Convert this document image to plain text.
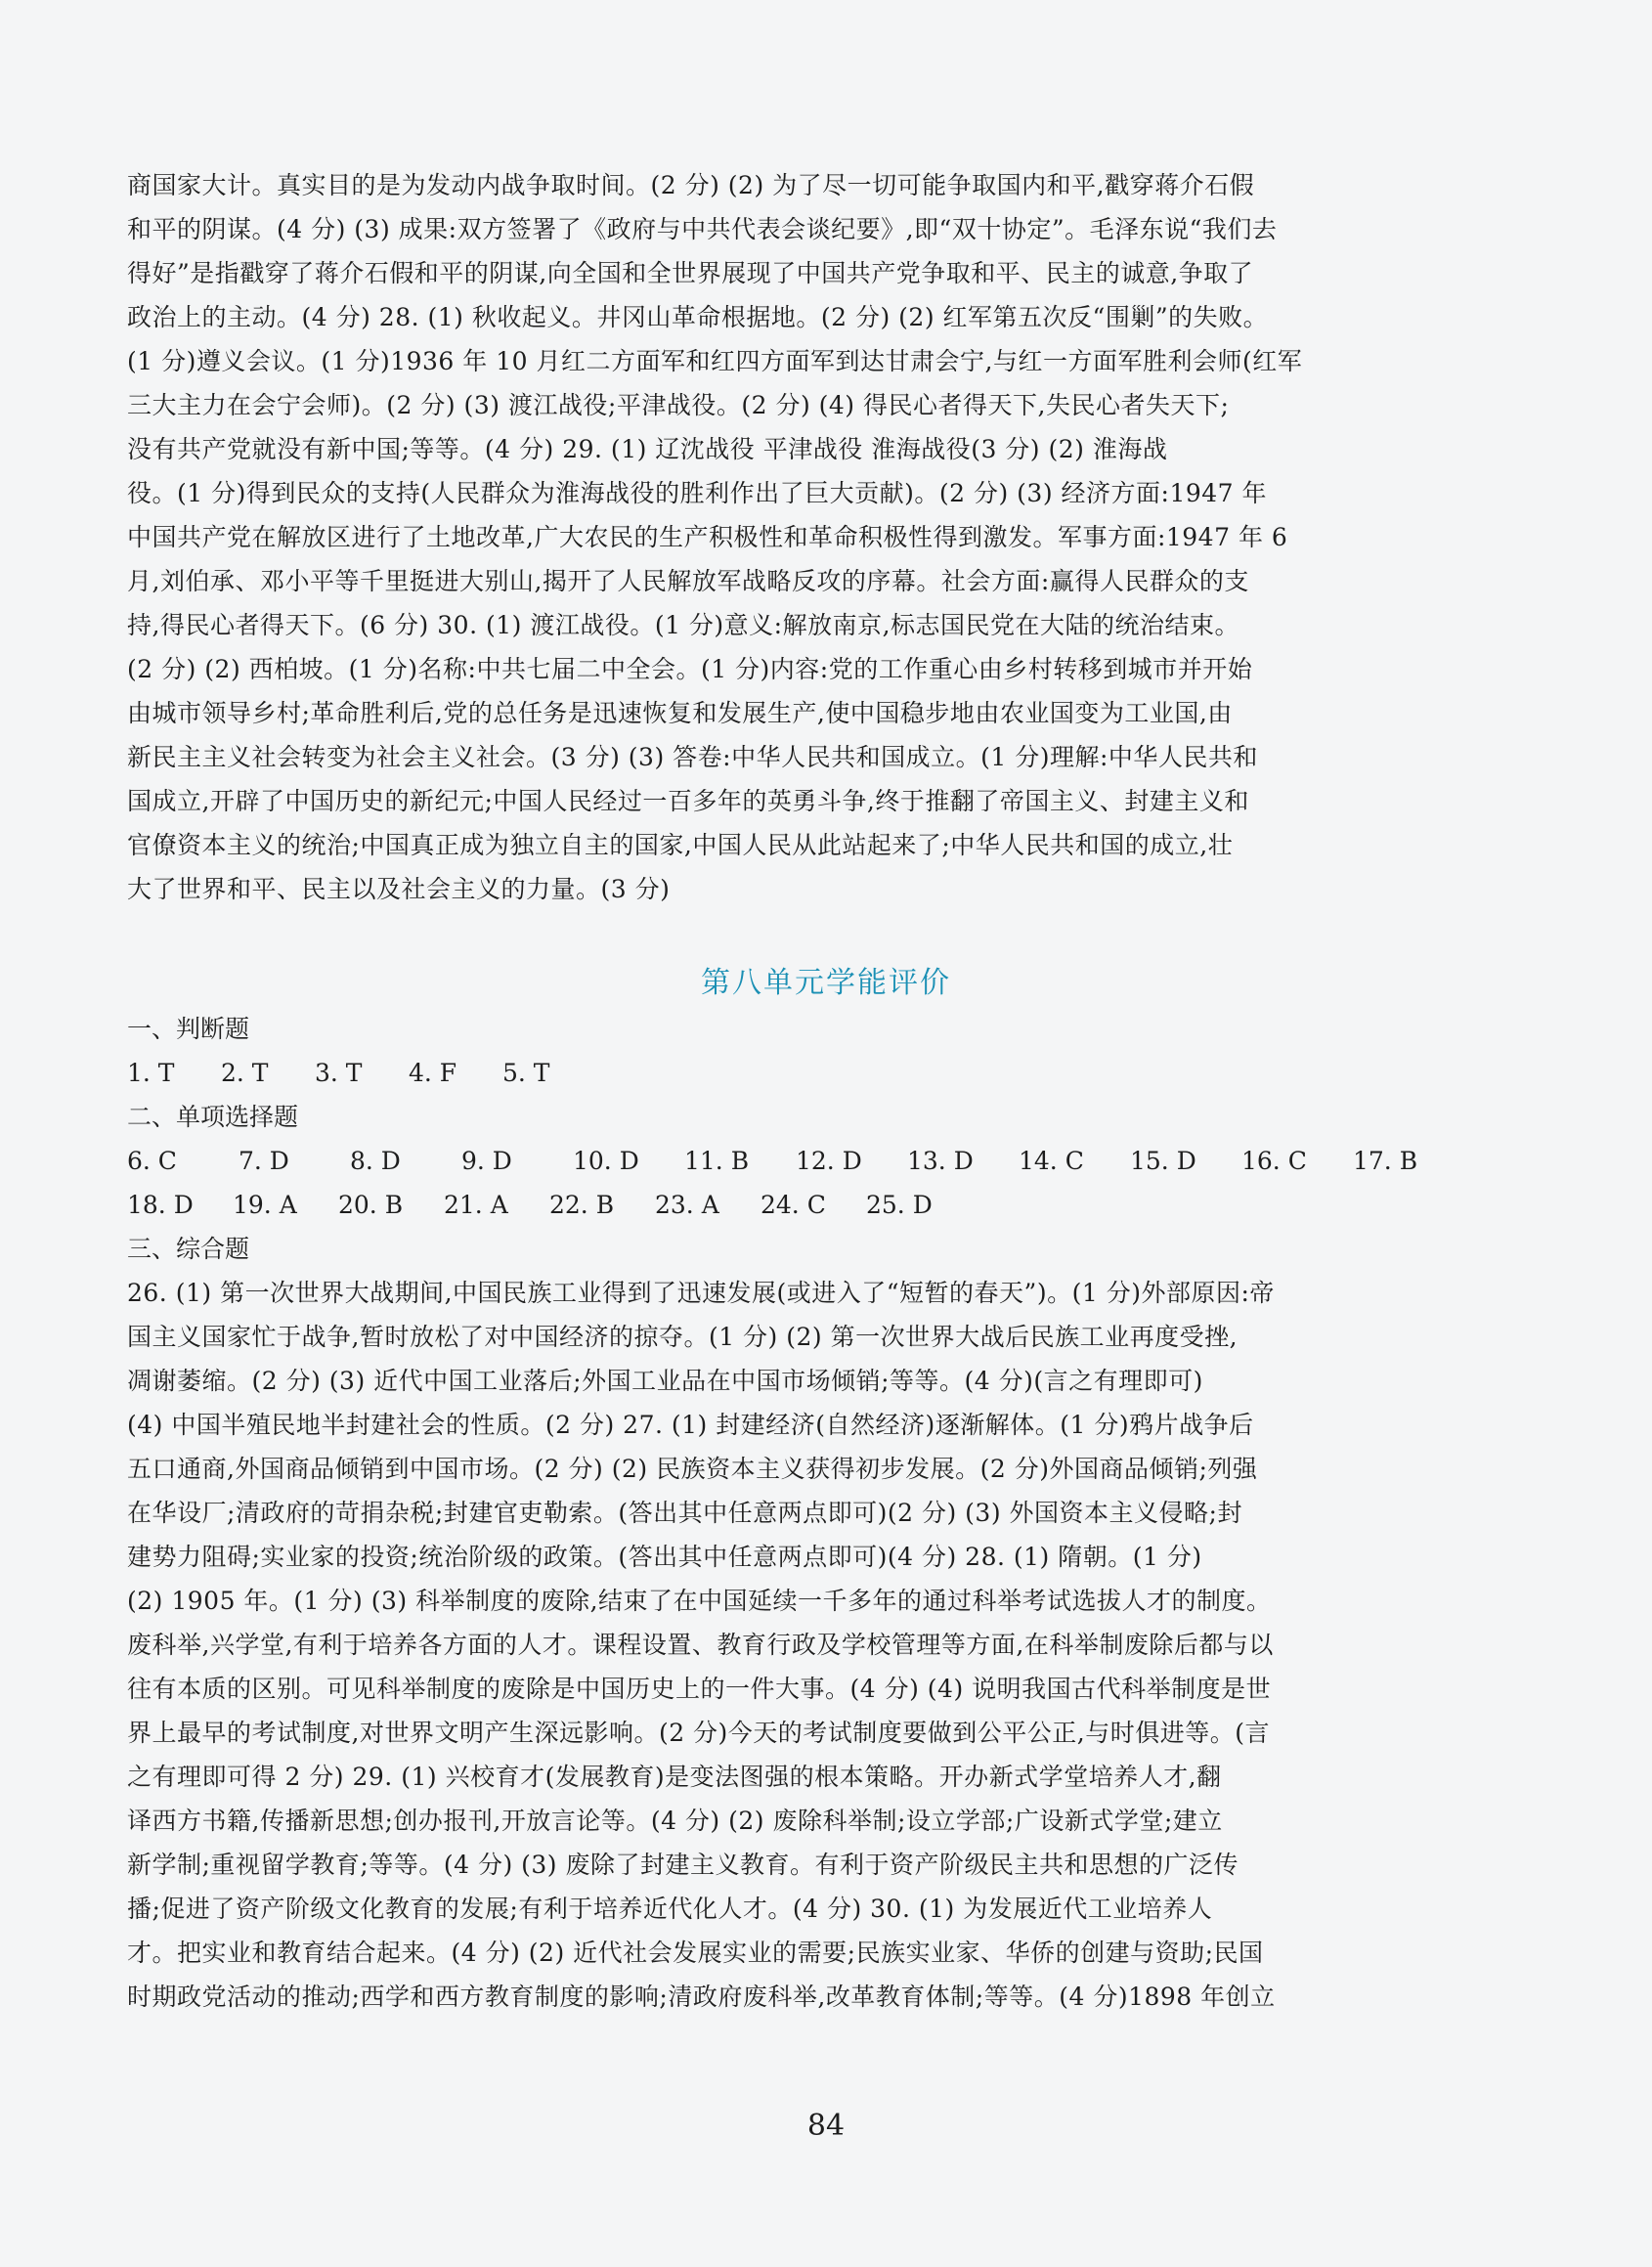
商国家大计。真实目的是为发动内战争取时间。(2 分) (2) 为了尽一切可能争取国内和平,戳穿蒋介石假
和平的阴谋。(4 分) (3) 成果:双方签署了《政府与中共代表会谈纪要》,即“双十协定”。毛泽东说“我们去
得好”是指戳穿了蒋介石假和平的阴谋,向全国和全世界展现了中国共产党争取和平、民主的诚意,争取了
政治上的主动。(4 分) 28. (1) 秋收起义。井冈山革命根据地。(2 分) (2) 红军第五次反“围剿”的失败。
(1 分)遵义会议。(1 分)1936 年 10 月红二方面军和红四方面军到达甘肃会宁,与红一方面军胜利会师(红军
三大主力在会宁会师)。(2 分) (3) 渡江战役;平津战役。(2 分) (4) 得民心者得天下,失民心者失天下;
没有共产党就没有新中国;等等。(4 分) 29. (1) 辽沈战役 平津战役 淮海战役(3 分) (2) 淮海战
役。(1 分)得到民众的支持(人民群众为淮海战役的胜利作出了巨大贡献)。(2 分) (3) 经济方面:1947 年
中国共产党在解放区进行了土地改革,广大农民的生产积极性和革命积极性得到激发。军事方面:1947 年 6
月,刘伯承、邓小平等千里挺进大别山,揭开了人民解放军战略反攻的序幕。社会方面:赢得人民群众的支
持,得民心者得天下。(6 分) 30. (1) 渡江战役。(1 分)意义:解放南京,标志国民党在大陆的统治结束。
(2 分) (2) 西柏坡。(1 分)名称:中共七届二中全会。(1 分)内容:党的工作重心由乡村转移到城市并开始
由城市领导乡村;革命胜利后,党的总任务是迅速恢复和发展生产,使中国稳步地由农业国变为工业国,由
新民主主义社会转变为社会主义社会。(3 分) (3) 答卷:中华人民共和国成立。(1 分)理解:中华人民共和
国成立,开辟了中国历史的新纪元;中国人民经过一百多年的英勇斗争,终于推翻了帝国主义、封建主义和
官僚资本主义的统治;中国真正成为独立自主的国家,中国人民从此站起来了;中华人民共和国的成立,壮
大了世界和平、民主以及社会主义的力量。(3 分)
第八单元学能评价
一、判断题
1. T	2. T	3. T	4. F	5. T
二、单项选择题
6. C	7. D	8. D	9. D	10. D	11. B	12. D	13. D	14. C	15. D	16. C	17. B
18. D	19. A	20. B	21. A	22. B	23. A	24. C	25. D
三、综合题
26. (1) 第一次世界大战期间,中国民族工业得到了迅速发展(或进入了“短暂的春天”)。(1 分)外部原因:帝
国主义国家忙于战争,暂时放松了对中国经济的掠夺。(1 分) (2) 第一次世界大战后民族工业再度受挫,
凋谢萎缩。(2 分) (3) 近代中国工业落后;外国工业品在中国市场倾销;等等。(4 分)(言之有理即可)
(4) 中国半殖民地半封建社会的性质。(2 分) 27. (1) 封建经济(自然经济)逐渐解体。(1 分)鸦片战争后
五口通商,外国商品倾销到中国市场。(2 分) (2) 民族资本主义获得初步发展。(2 分)外国商品倾销;列强
在华设厂;清政府的苛捐杂税;封建官吏勒索。(答出其中任意两点即可)(2 分) (3) 外国资本主义侵略;封
建势力阻碍;实业家的投资;统治阶级的政策。(答出其中任意两点即可)(4 分) 28. (1) 隋朝。(1 分)
(2) 1905 年。(1 分) (3) 科举制度的废除,结束了在中国延续一千多年的通过科举考试选拔人才的制度。
废科举,兴学堂,有利于培养各方面的人才。课程设置、教育行政及学校管理等方面,在科举制废除后都与以
往有本质的区别。可见科举制度的废除是中国历史上的一件大事。(4 分) (4) 说明我国古代科举制度是世
界上最早的考试制度,对世界文明产生深远影响。(2 分)今天的考试制度要做到公平公正,与时俱进等。(言
之有理即可得 2 分) 29. (1) 兴校育才(发展教育)是变法图强的根本策略。开办新式学堂培养人才,翻
译西方书籍,传播新思想;创办报刊,开放言论等。(4 分) (2) 废除科举制;设立学部;广设新式学堂;建立
新学制;重视留学教育;等等。(4 分) (3) 废除了封建主义教育。有利于资产阶级民主共和思想的广泛传
播;促进了资产阶级文化教育的发展;有利于培养近代化人才。(4 分) 30. (1) 为发展近代工业培养人
才。把实业和教育结合起来。(4 分) (2) 近代社会发展实业的需要;民族实业家、华侨的创建与资助;民国
时期政党活动的推动;西学和西方教育制度的影响;清政府废科举,改革教育体制;等等。(4 分)1898 年创立
84
